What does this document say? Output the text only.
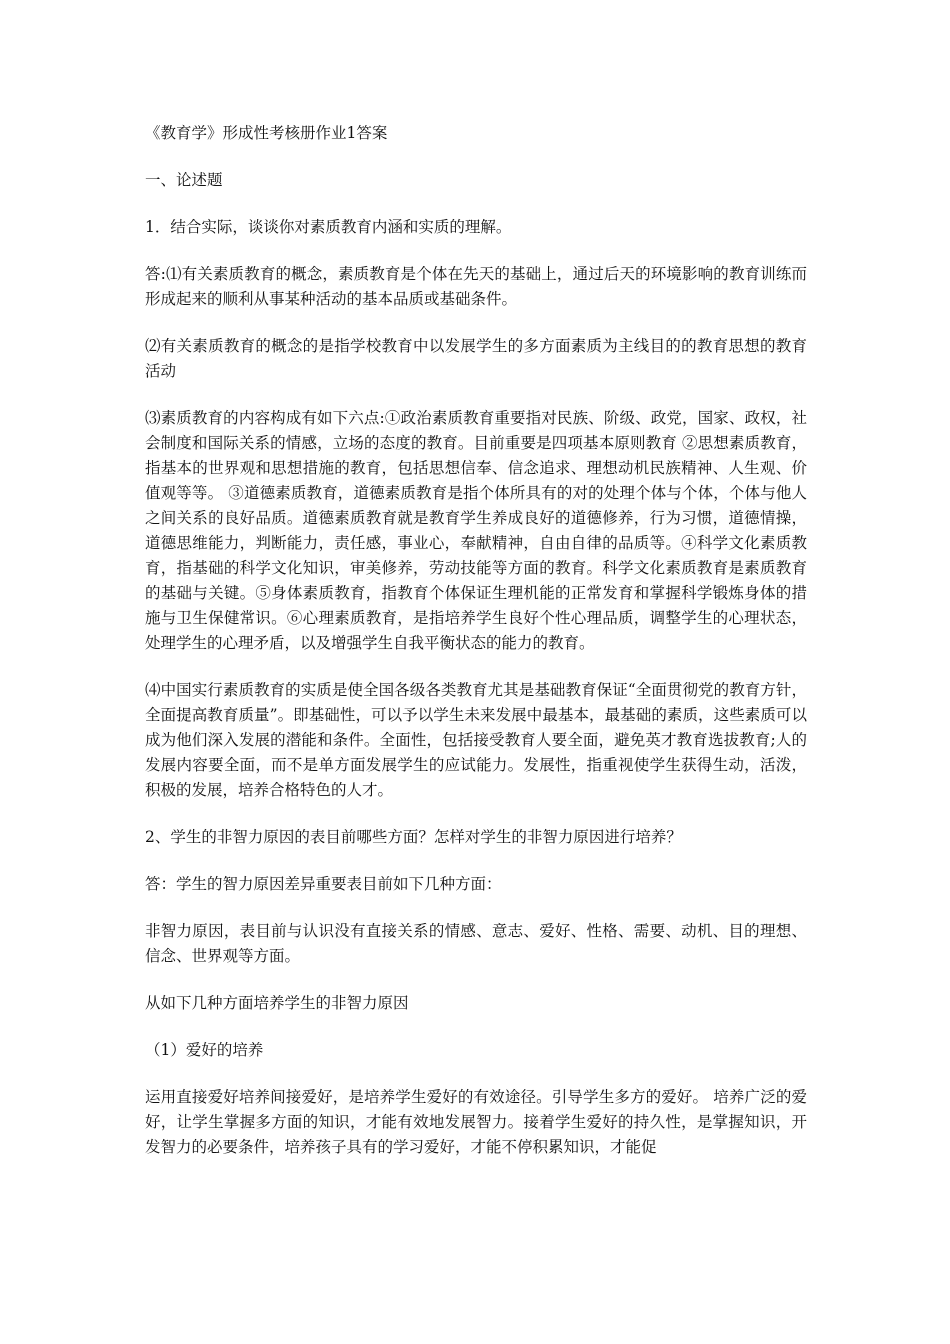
《教育学》形成性考核册作业1答案

一、论述题

1．结合实际，谈谈你对素质教育内涵和实质的理解。

答:⑴有关素质教育的概念，素质教育是个体在先天的基础上，通过后天的环境影响的教育训练而形成起来的顺利从事某种活动的基本品质或基础条件。

⑵有关素质教育的概念的是指学校教育中以发展学生的多方面素质为主线目的的教育思想的教育活动

⑶素质教育的内容构成有如下六点:①政治素质教育重要指对民族、阶级、政党，国家、政权，社会制度和国际关系的情感，立场的态度的教育。目前重要是四项基本原则教育 ②思想素质教育，指基本的世界观和思想措施的教育，包括思想信奉、信念追求、理想动机民族精神、人生观、价值观等等。 ③道德素质教育，道德素质教育是指个体所具有的对的处理个体与个体，个体与他人之间关系的良好品质。道德素质教育就是教育学生养成良好的道德修养，行为习惯，道德情操，道德思维能力，判断能力，责任感，事业心，奉献精神，自由自律的品质等。④科学文化素质教育，指基础的科学文化知识，审美修养，劳动技能等方面的教育。科学文化素质教育是素质教育的基础与关键。⑤身体素质教育，指教育个体保证生理机能的正常发育和掌握科学锻炼身体的措施与卫生保健常识。⑥心理素质教育，是指培养学生良好个性心理品质，调整学生的心理状态，处理学生的心理矛盾，以及增强学生自我平衡状态的能力的教育。

⑷中国实行素质教育的实质是使全国各级各类教育尤其是基础教育保证“全面贯彻党的教育方针，全面提高教育质量”。即基础性，可以予以学生未来发展中最基本，最基础的素质，这些素质可以成为他们深入发展的潜能和条件。全面性，包括接受教育人要全面，避免英才教育选拔教育;人的发展内容要全面，而不是单方面发展学生的应试能力。发展性，指重视使学生获得生动，活泼，积极的发展，培养合格特色的人才。

2、学生的非智力原因的表目前哪些方面？怎样对学生的非智力原因进行培养？

答：学生的智力原因差异重要表目前如下几种方面：

非智力原因，表目前与认识没有直接关系的情感、意志、爱好、性格、需要、动机、目的理想、信念、世界观等方面。

从如下几种方面培养学生的非智力原因

（1）爱好的培养

运用直接爱好培养间接爱好，是培养学生爱好的有效途径。引导学生多方的爱好。 培养广泛的爱好，让学生掌握多方面的知识，才能有效地发展智力。接着学生爱好的持久性，是掌握知识，开发智力的必要条件，培养孩子具有的学习爱好，才能不停积累知识，才能促
